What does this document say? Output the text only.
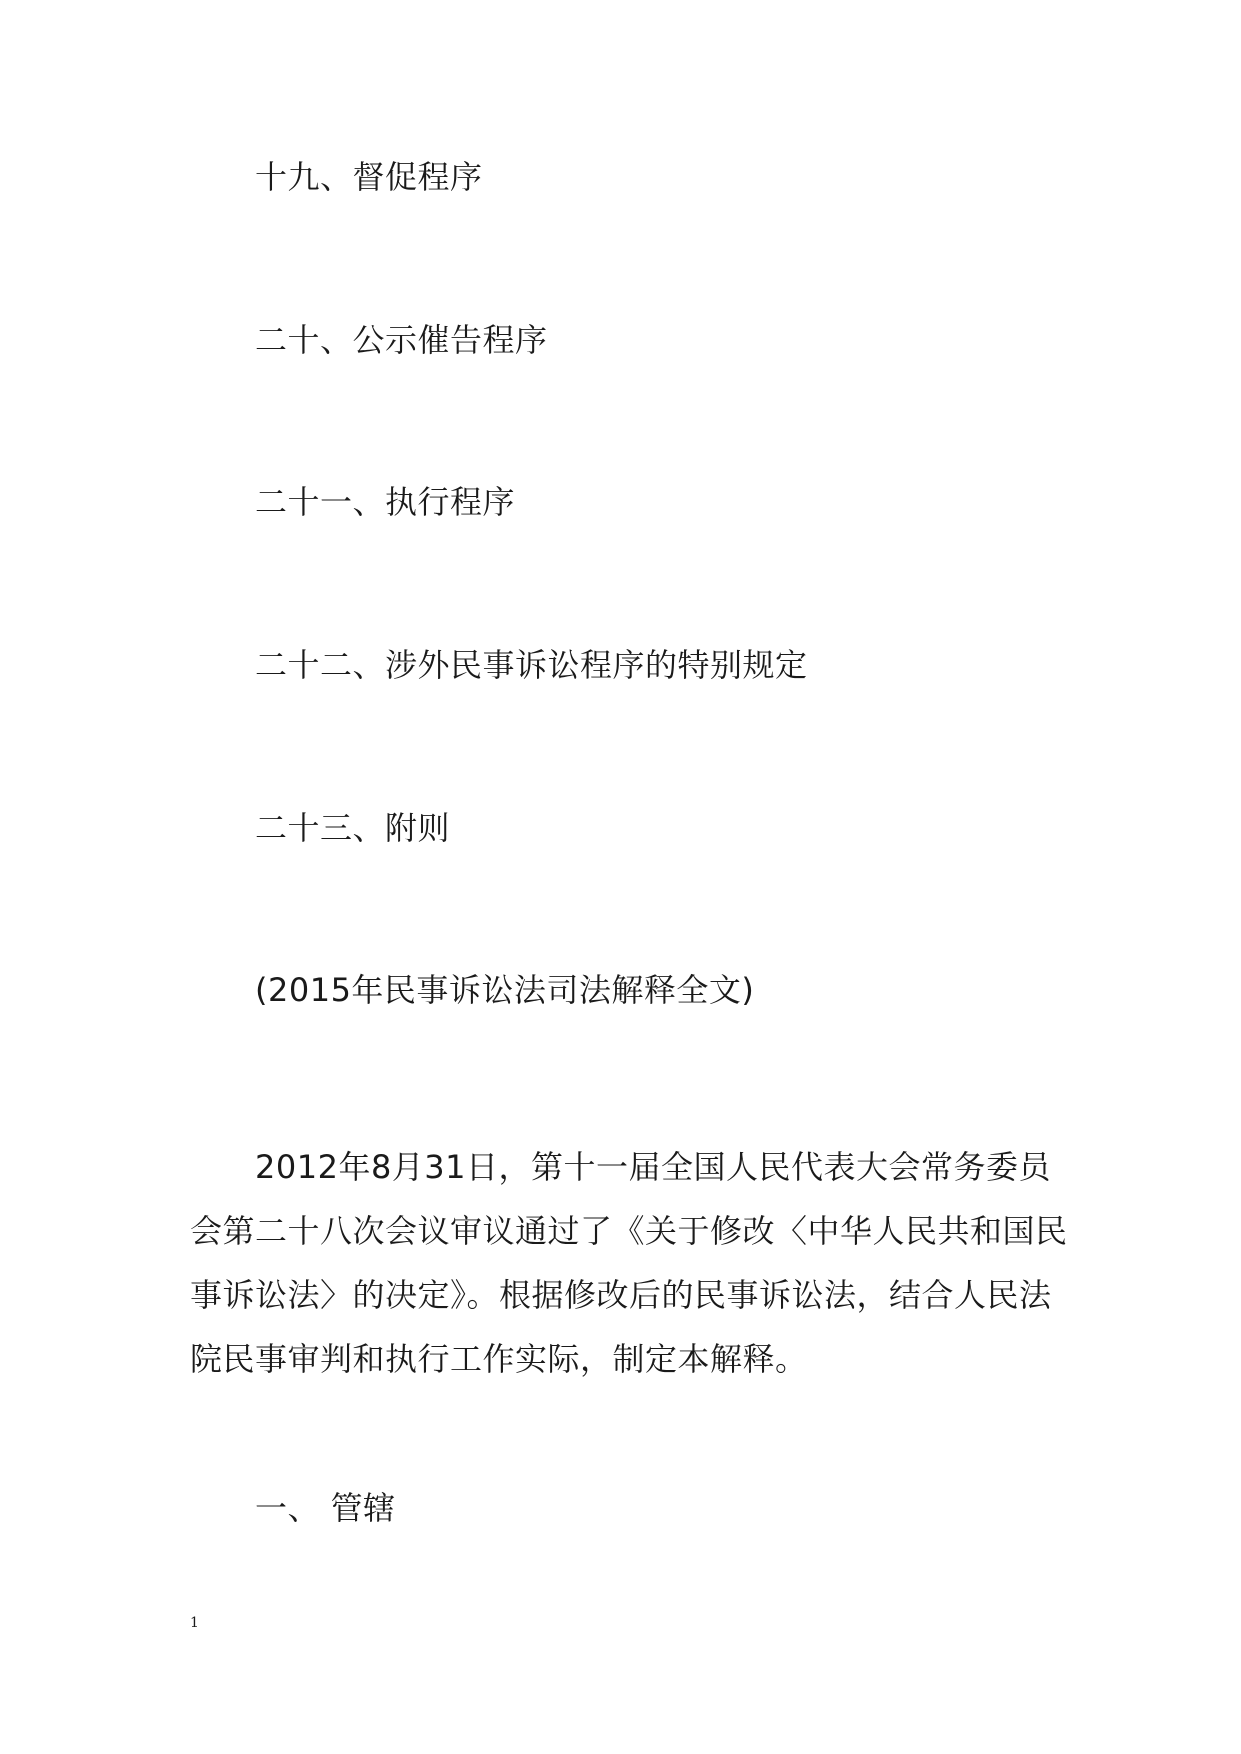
十九、督促程序
二十、公示催告程序
二十一、执行程序
二十二、涉外民事诉讼程序的特别规定
二十三、附则
(2015年民事诉讼法司法解释全文)
2012年8月31日，第十一届全国人民代表大会常务委员会第二十八次会议审议通过了《关于修改〈中华人民共和国民事诉讼法〉的决定》。根据修改后的民事诉讼法，结合人民法院民事审判和执行工作实际，制定本解释。
一、 管辖
1
